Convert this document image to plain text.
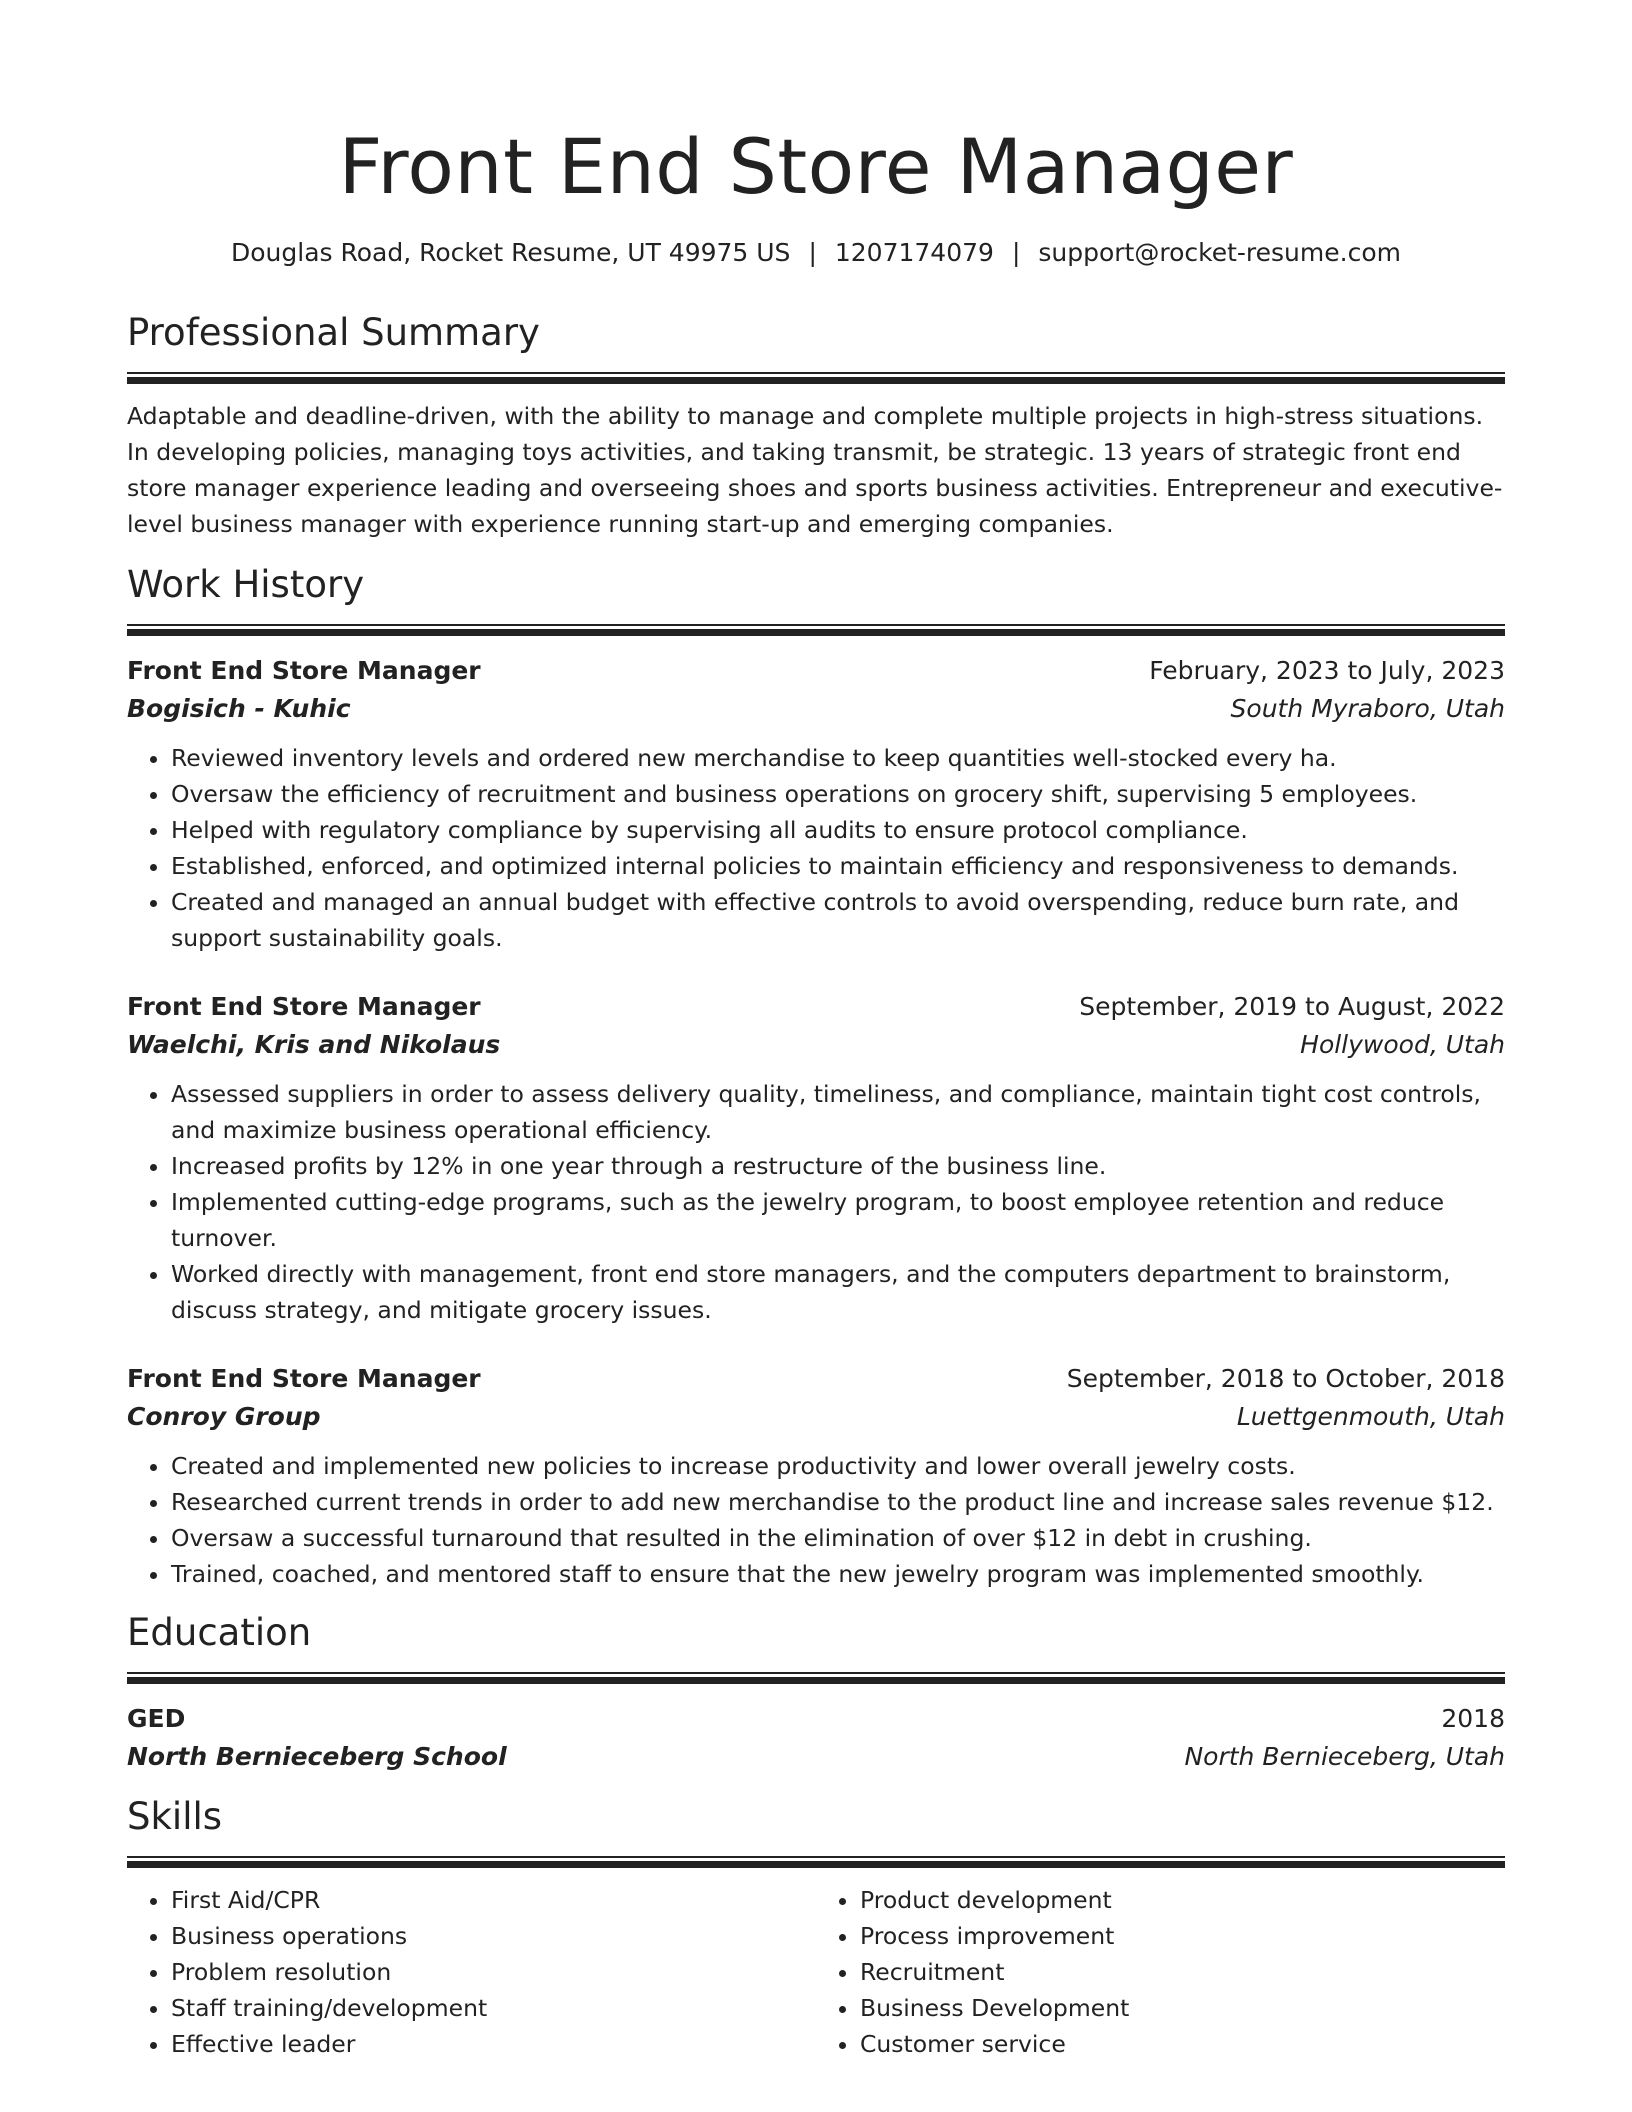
Front End Store Manager
Douglas Road, Rocket Resume, UT 49975 US | 1207174079 | support@rocket-resume.com
Professional Summary
Adaptable and deadline-driven, with the ability to manage and complete multiple projects in high-stress situations. In developing policies, managing toys activities, and taking transmit, be strategic. 13 years of strategic front end store manager experience leading and overseeing shoes and sports business activities. Entrepreneur and executive-level business manager with experience running start-up and emerging companies.
Work History
Front End Store Manager	February, 2023 to July, 2023
Bogisich - Kuhic	South Myraboro, Utah
• Reviewed inventory levels and ordered new merchandise to keep quantities well-stocked every ha.
• Oversaw the efficiency of recruitment and business operations on grocery shift, supervising 5 employees.
• Helped with regulatory compliance by supervising all audits to ensure protocol compliance.
• Established, enforced, and optimized internal policies to maintain efficiency and responsiveness to demands.
• Created and managed an annual budget with effective controls to avoid overspending, reduce burn rate, and support sustainability goals.
Front End Store Manager	September, 2019 to August, 2022
Waelchi, Kris and Nikolaus	Hollywood, Utah
• Assessed suppliers in order to assess delivery quality, timeliness, and compliance, maintain tight cost controls, and maximize business operational efficiency.
• Increased profits by 12% in one year through a restructure of the business line.
• Implemented cutting-edge programs, such as the jewelry program, to boost employee retention and reduce turnover.
• Worked directly with management, front end store managers, and the computers department to brainstorm, discuss strategy, and mitigate grocery issues.
Front End Store Manager	September, 2018 to October, 2018
Conroy Group	Luettgenmouth, Utah
• Created and implemented new policies to increase productivity and lower overall jewelry costs.
• Researched current trends in order to add new merchandise to the product line and increase sales revenue $12.
• Oversaw a successful turnaround that resulted in the elimination of over $12 in debt in crushing.
• Trained, coached, and mentored staff to ensure that the new jewelry program was implemented smoothly.
Education
GED	2018
North Bernieceberg School	North Bernieceberg, Utah
Skills
• First Aid/CPR
• Business operations
• Problem resolution
• Staff training/development
• Effective leader
• Product development
• Process improvement
• Recruitment
• Business Development
• Customer service
